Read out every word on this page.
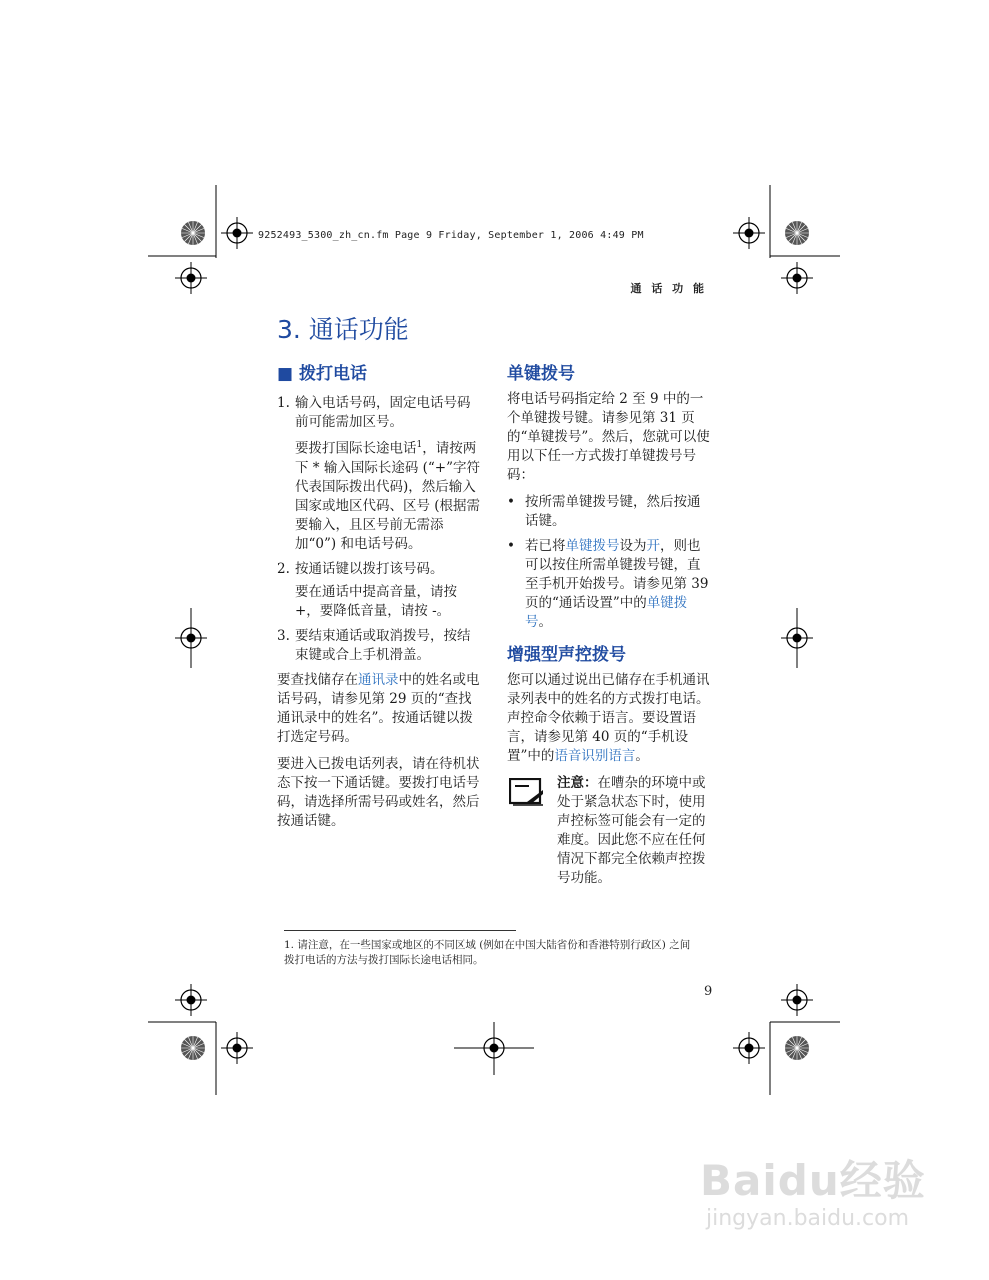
9252493_5300_zh_cn.fm Page 9 Friday, September 1, 2006 4:49 PM
通 话 功 能
3. 通话功能
■ 拨打电话
1. 输入电话号码，固定电话号码前可能需加区号。
要拨打国际长途电话$^1$，请按两下 * 输入国际长途码 (“+”字符代表国际拨出代码)，然后输入国家或地区代码、区号 (根据需要输入，且区号前无需添加“0”) 和电话号码。
2. 按通话键以拨打该号码。
要在通话中提高音量，请按 +，要降低音量，请按 -。
3. 要结束通话或取消拨号，按结束键或合上手机滑盖。

要查找储存在通讯录中的姓名或电话号码，请参见第 29 页的“查找通讯录中的姓名”。按通话键以拨打选定号码。

要进入已拨电话列表，请在待机状态下按一下通话键。要拨打电话号码，请选择所需号码或姓名，然后按通话键。

单键拨号

将电话号码指定给 2 至 9 中的一个单键拨号键。请参见第 31 页的“单键拨号”。然后，您就可以使用以下任一方式拨打单键拨号号码：

• 按所需单键拨号键，然后按通话键。
• 若已将单键拨号设为开，则也可以按住所需单键拨号键，直至手机开始拨号。请参见第 39 页的“通话设置”中的单键拨号。
增强型声控拨号

您可以通过说出已储存在手机通讯录列表中的姓名的方式拨打电话。声控命令依赖于语言。要设置语言，请参见第 40 页的“手机设置”中的语音识别语言。

注意：在嘈杂的环境中或处于紧急状态下时，使用声控标签可能会有一定的难度。因此您不应在任何情况下都完全依赖声控拨号功能。
1. 请注意，在一些国家或地区的不同区域 (例如在中国大陆省份和香港特别行政区) 之间拨打电话的方法与拨打国际长途电话相同。
9
Baidu经验
jingyan.baidu.com
